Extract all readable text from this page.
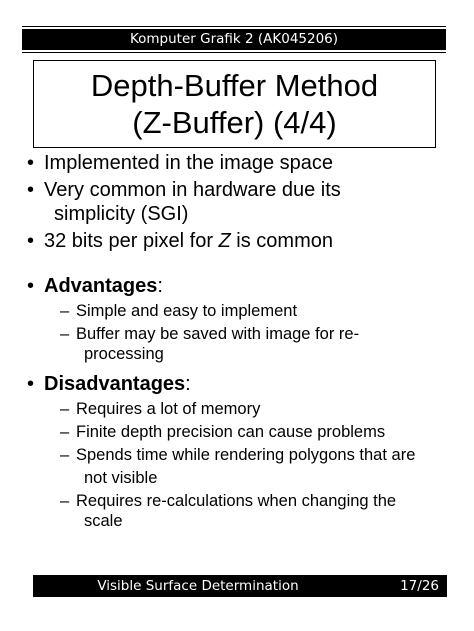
Komputer Grafik 2 (AK045206)
Depth-Buffer Method
(Z-Buffer) (4/4)
• Implemented in the image space
• Very common in hardware due its
simplicity (SGI)
• 32 bits per pixel for Z is common
• Advantages:
– Simple and easy to implement
– Buffer may be saved with image for re-
processing
• Disadvantages:
– Requires a lot of memory
– Finite depth precision can cause problems
– Spends time while rendering polygons that are
not visible
– Requires re-calculations when changing the
scale
Visible Surface Determination	17/26
